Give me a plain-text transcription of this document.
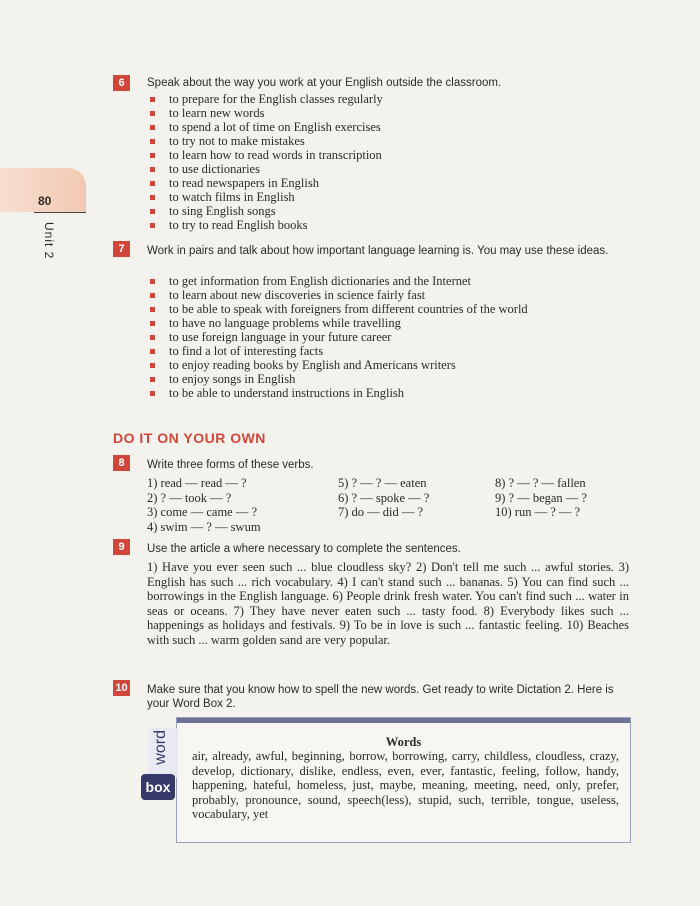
80
Unit 2
6	Speak about the way you work at your English outside the classroom.
to prepare for the English classes regularly
to learn new words
to spend a lot of time on English exercises
to try not to make mistakes
to learn how to read words in transcription
to use dictionaries
to read newspapers in English
to watch films in English
to sing English songs
to try to read English books
7	Work in pairs and talk about how important language learning is. You may use these ideas.
to get information from English dictionaries and the Internet
to learn about new discoveries in science fairly fast
to be able to speak with foreigners from different countries of the world
to have no language problems while travelling
to use foreign language in your future career
to find a lot of interesting facts
to enjoy reading books by English and Americans writers
to enjoy songs in English
to be able to understand instructions in English
DO IT ON YOUR OWN
8	Write three forms of these verbs.
1) read — read — ?
2) ? — took — ?
3) come — came — ?
4) swim — ? — swum
5) ? — ? — eaten
6) ? — spoke — ?
7) do — did — ?
8) ? — ? — fallen
9) ? — began — ?
10) run — ? — ?
9	Use the article a where necessary to complete the sentences.
1) Have you ever seen such ... blue cloudless sky? 2) Don't tell me such ... awful stories. 3) English has such ... rich vocabulary. 4) I can't stand such ... bananas. 5) You can find such ... borrowings in the English language. 6) People drink fresh water. You can't find such ... water in seas or oceans. 7) They have never eaten such ... tasty food. 8) Everybody likes such ... happenings as holidays and festivals. 9) To be in love is such ... fantastic feeling. 10) Beaches with such ... warm golden sand are very popular.
10 Make sure that you know how to spell the new words. Get ready to write Dictation 2. Here is your Word Box 2.
Words
air, already, awful, beginning, borrow, borrowing, carry, childless, cloudless, crazy, develop, dictionary, dislike, endless, even, ever, fantastic, feeling, follow, handy, happening, hateful, homeless, just, maybe, meaning, meeting, need, only, prefer, probably, pronounce, sound, speech(less), stupid, such, terrible, tongue, useless, vocabulary, yet
word
box
